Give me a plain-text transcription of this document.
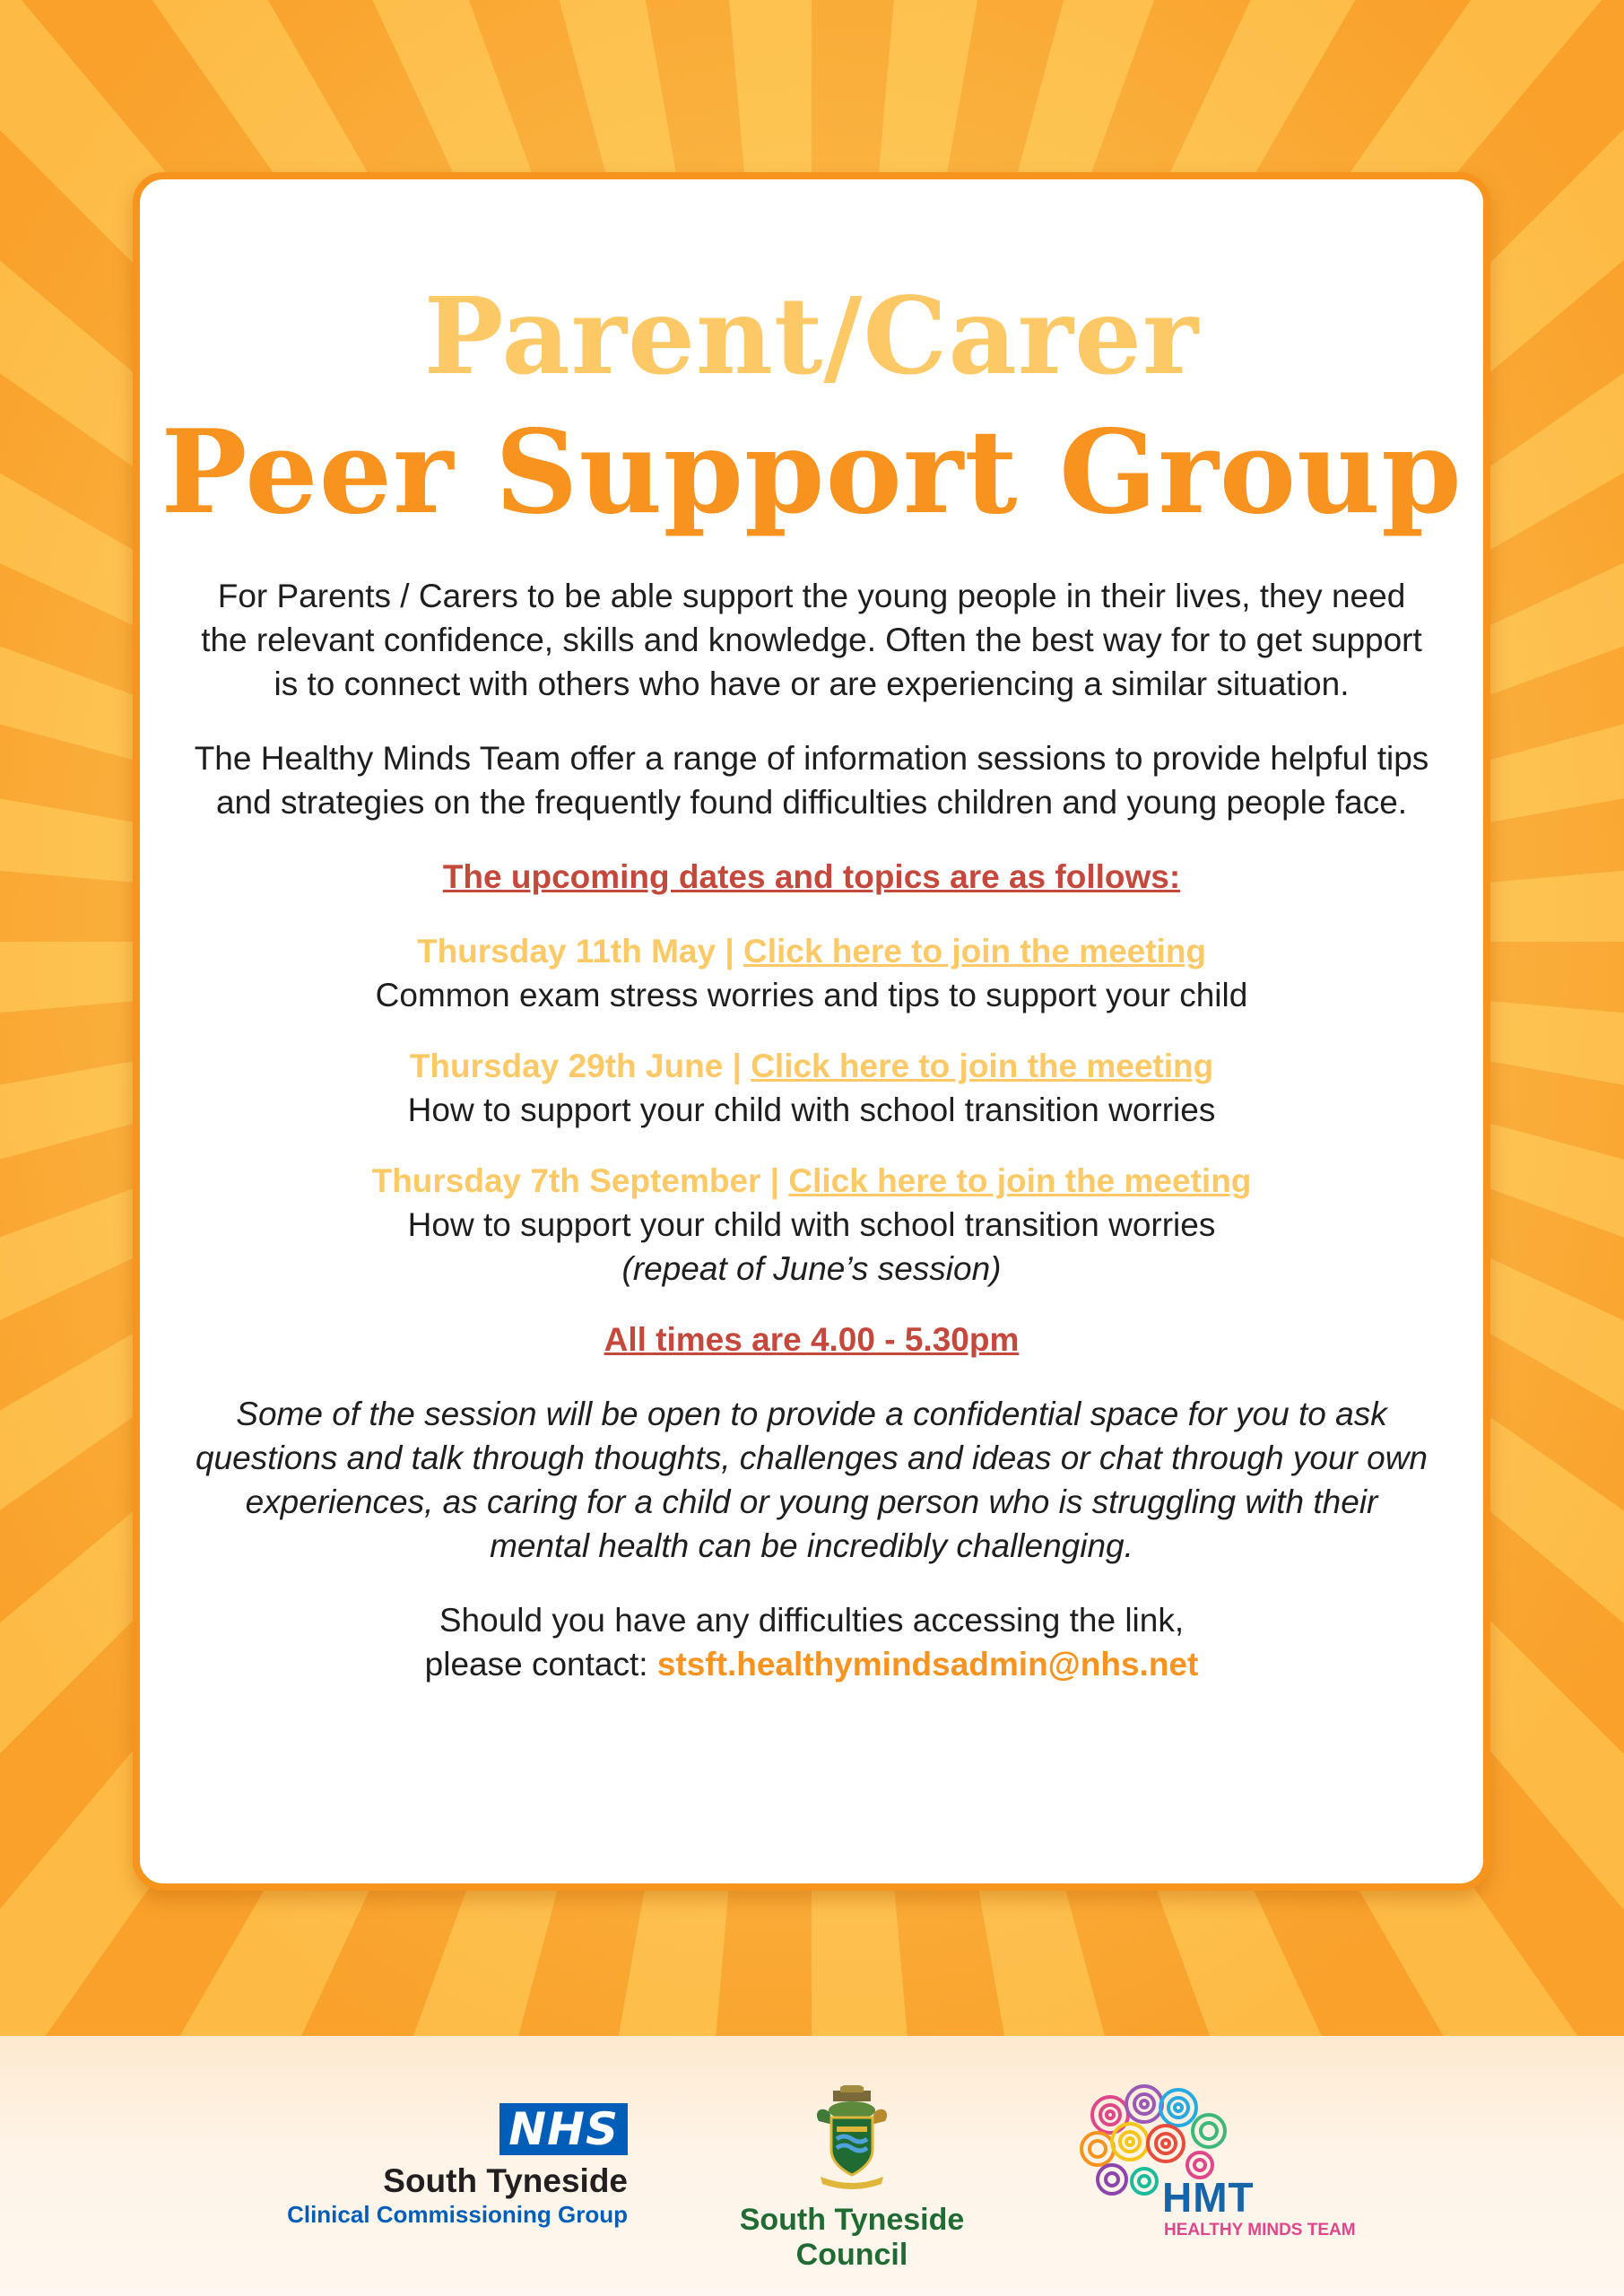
Parent/Carer
Peer Support Group

For Parents / Carers to be able support the young people in their lives, they need the relevant confidence, skills and knowledge. Often the best way for to get support is to connect with others who have or are experiencing a similar situation.

The Healthy Minds Team offer a range of information sessions to provide helpful tips and strategies on the frequently found difficulties children and young people face.

The upcoming dates and topics are as follows:

Thursday 11th May | Click here to join the meeting
Common exam stress worries and tips to support your child
Thursday 29th June | Click here to join the meeting
How to support your child with school transition worries
Thursday 7th September | Click here to join the meeting
How to support your child with school transition worries
(repeat of June’s session)

All times are 4.00 - 5.30pm

Some of the session will be open to provide a confidential space for you to ask questions and talk through thoughts, challenges and ideas or chat through your own experiences, as caring for a child or young person who is struggling with their mental health can be incredibly challenging.

Should you have any difficulties accessing the link,
please contact: stsft.healthymindsadmin@nhs.net

NHS
South Tyneside
Clinical Commissioning Group	South Tyneside Council
HMT
HEALTHY MINDS TEAM
